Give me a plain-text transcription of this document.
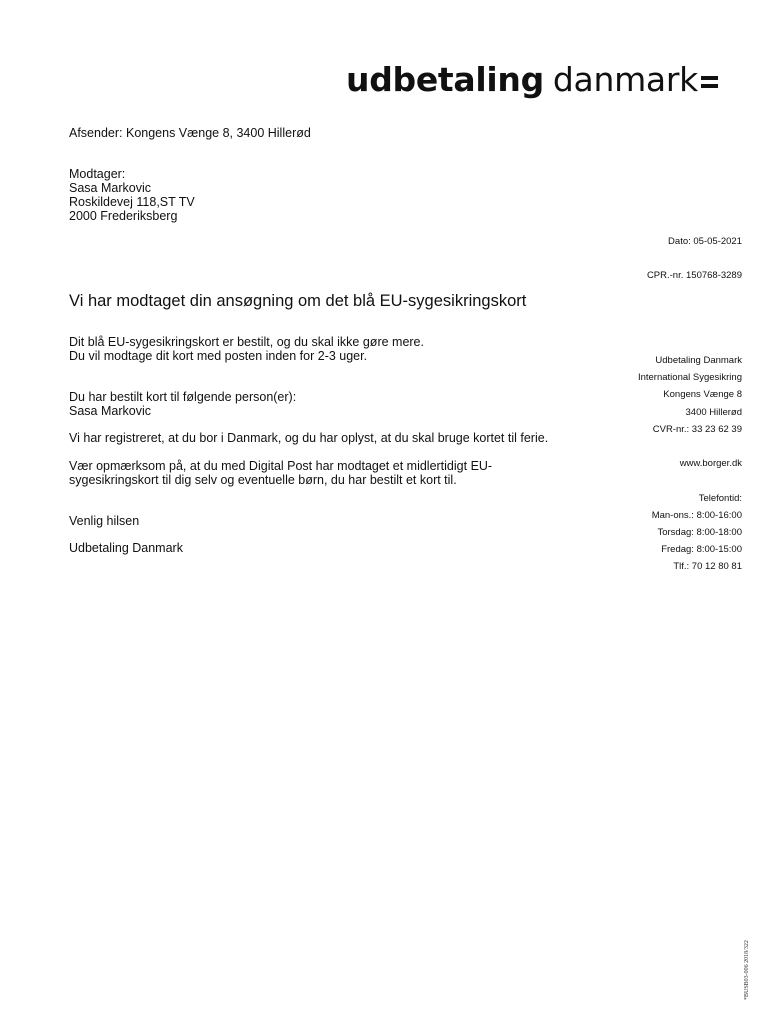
udbetaling danmark
Afsender: Kongens Vænge 8, 3400 Hillerød
Modtager:
Sasa Markovic
Roskildevej 118,ST TV
2000 Frederiksberg
Dato: 05-05-2021
CPR.-nr. 150768-3289
Vi har modtaget din ansøgning om det blå EU-sygesikringskort
Dit blå EU-sygesikringskort er bestilt, og du skal ikke gøre mere.
Du vil modtage dit kort med posten inden for 2-3 uger.
Du har bestilt kort til følgende person(er):
Sasa Markovic
Vi har registreret, at du bor i Danmark, og du har oplyst, at du skal bruge kortet til ferie.
Vær opmærksom på, at du med Digital Post har modtaget et midlertidigt EU-
sygesikringskort til dig selv og eventuelle børn, du har bestilt et kort til.
Venlig hilsen
Udbetaling Danmark
Udbetaling Danmark
International Sygesikring
Kongens Vænge 8
3400 Hillerød
CVR-nr.: 33 23 62 39
www.borger.dk
Telefontid:
Man-ons.: 8:00-16:00
Torsdag: 8:00-18:00
Fredag: 8:00-15:00
Tlf.: 70 12 80 81
*BUSB03-006 2018/322
